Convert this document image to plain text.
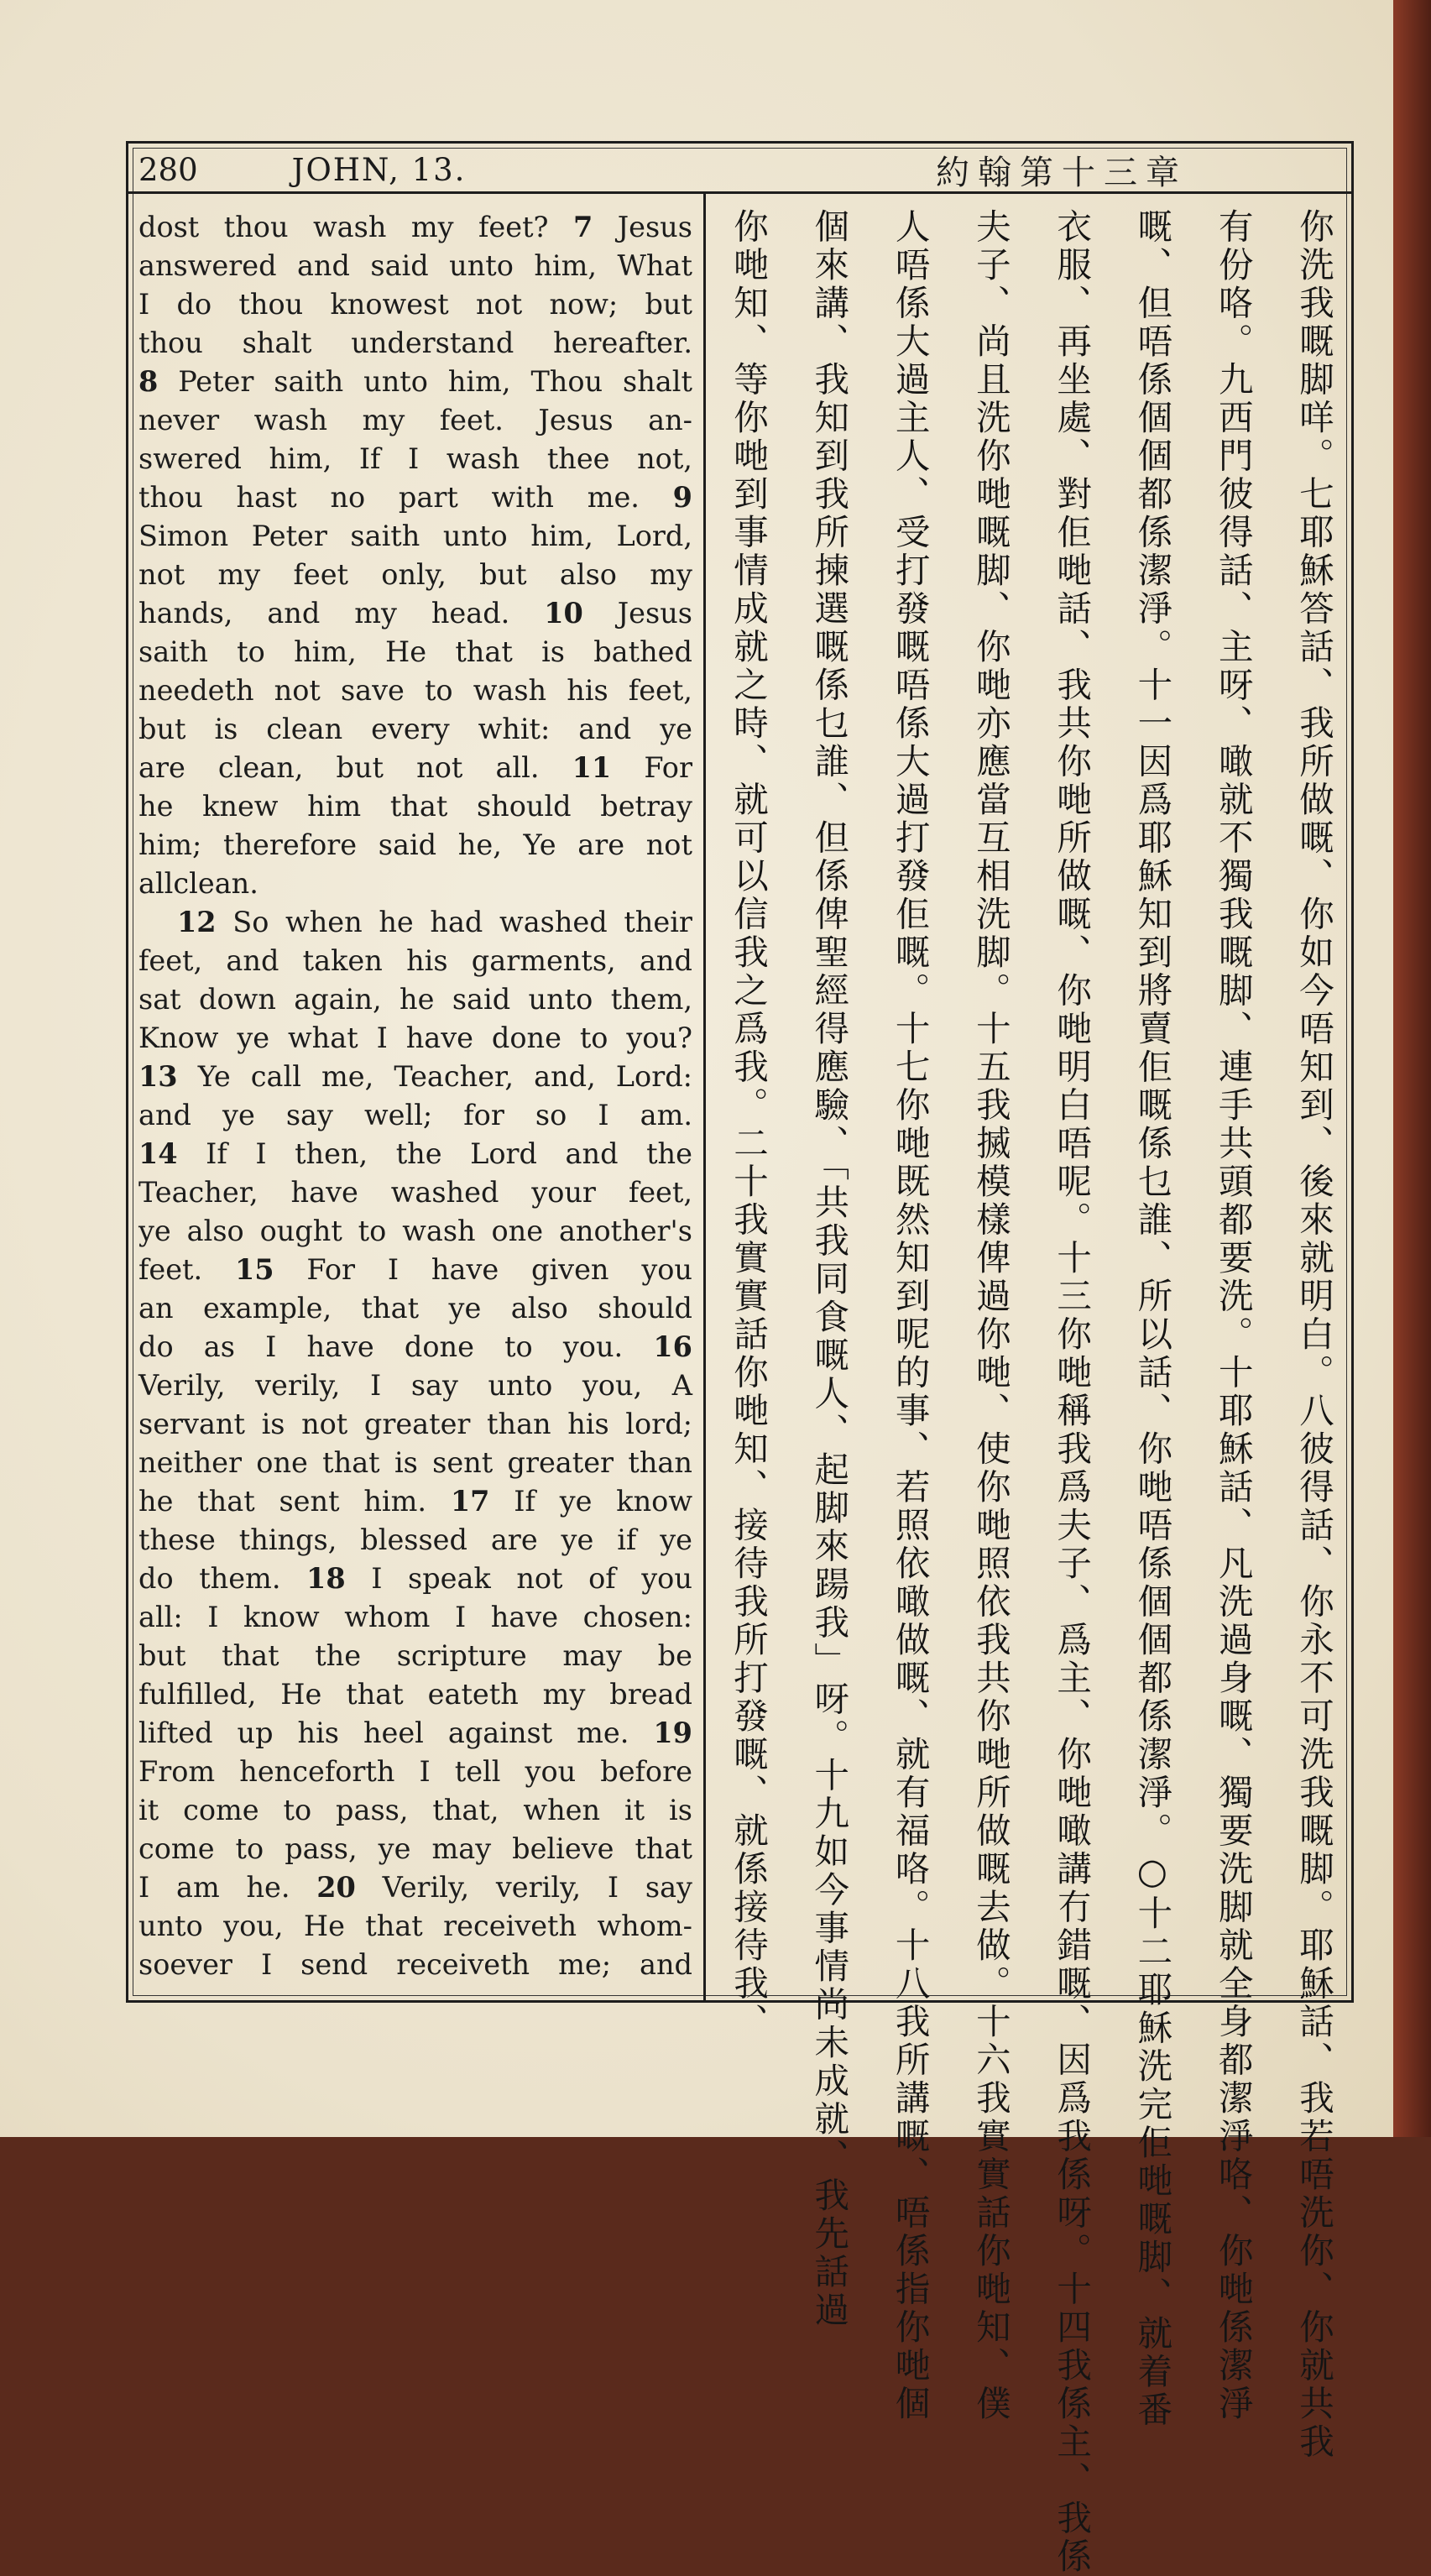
280	JOHN, 13.	約翰第十三章
dost thou wash my feet? 7 Jesus
answered and said unto him, What
I do thou knowest not now; but
thou shalt understand hereafter.
8 Peter saith unto him, Thou shalt
never wash my feet. Jesus an-
swered him, If I wash thee not,
thou hast no part with me. 9
Simon Peter saith unto him, Lord,
not my feet only, but also my
hands, and my head. 10 Jesus
saith to him, He that is bathed
needeth not save to wash his feet,
but is clean every whit: and ye
are clean, but not all. 11 For
he knew him that should betray
him; therefore said he, Ye are not
all clean.
12 So when he had washed their
feet, and taken his garments, and
sat down again, he said unto them,
Know ye what I have done to you?
13 Ye call me, Teacher, and, Lord:
and ye say well; for so I am.
14 If I then, the Lord and the
Teacher, have washed your feet,
ye also ought to wash one another's
feet. 15 For I have given you
an example, that ye also should
do as I have done to you. 16
Verily, verily, I say unto you, A
servant is not greater than his lord;
neither one that is sent greater than
he that sent him. 17 If ye know
these things, blessed are ye if ye
do them. 18 I speak not of you
all: I know whom I have chosen:
but that the scripture may be
fulfilled, He that eateth my bread
lifted up his heel against me. 19
From henceforth I tell you before
it come to pass, that, when it is
come to pass, ye may believe that
I am he. 20 Verily, verily, I say
unto you, He that receiveth whom-
soever I send receiveth me; and	你洗我嘅脚咩。七耶穌答話、我所做嘅、你如今唔知到、後來就明白。八彼得話、你永不可洗我嘅脚。耶穌話、我若唔洗你、你就共我
有份咯。九西門彼得話、主呀、噉就不獨我嘅脚、連手共頭都要洗。十耶穌話、凡洗過身嘅、獨要洗脚就全身都潔淨咯、你哋係潔淨
嘅、但唔係個個都係潔淨。十一因爲耶穌知到將賣佢嘅係乜誰、所以話、你哋唔係個個都係潔淨。○十二耶穌洗完佢哋嘅脚、就着番
衣服、再坐處、對佢哋話、我共你哋所做嘅、你哋明白唔呢。十三你哋稱我爲夫子、爲主、你哋噉講冇錯嘅、因爲我係呀。十四我係主、我係
夫子、尚且洗你哋嘅脚、你哋亦應當互相洗脚。十五我搣模樣俾過你哋、使你哋照依我共你哋所做嘅去做。十六我實實話你哋知、僕
人唔係大過主人、受打發嘅唔係大過打發佢嘅。十七你哋既然知到呢的事、若照依噉做嘅、就有福咯。十八我所講嘅、唔係指你哋個
個來講、我知到我所揀選嘅係乜誰、但係俾聖經得應驗、「共我同食嘅人、起脚來踼我」呀。十九如今事情尚未成就、我先話過
你哋知、等你哋到事情成就之時、就可以信我之爲我。二十我實實話你哋知、接待我所打發嘅、就係接待我、
